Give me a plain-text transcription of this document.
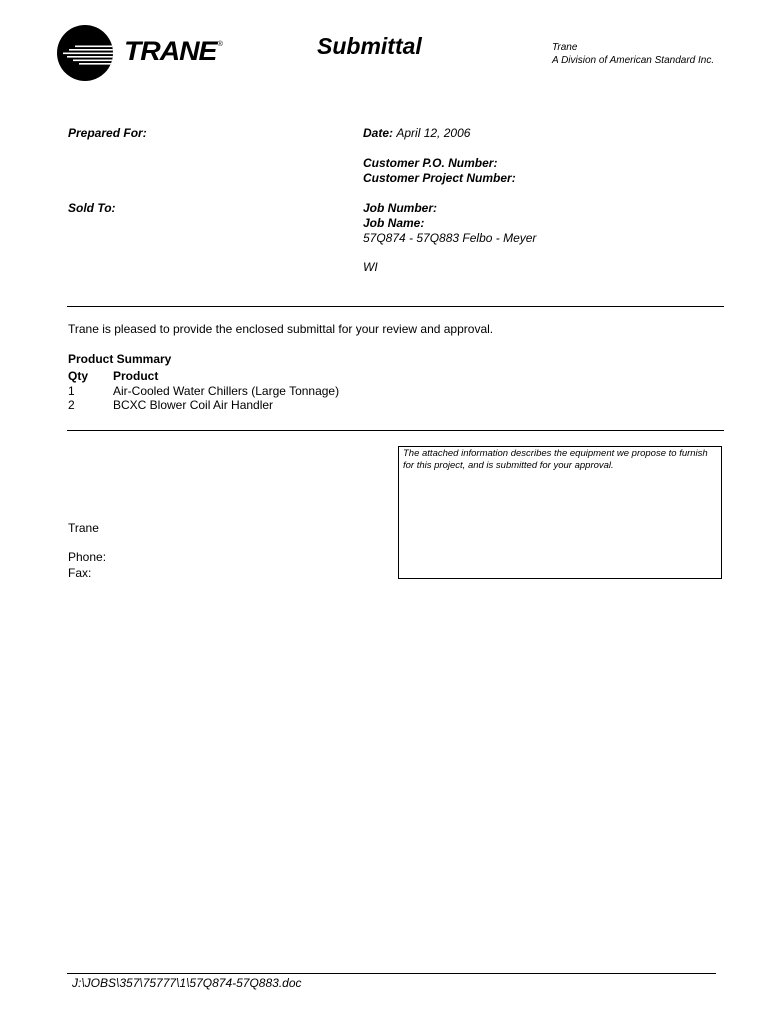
TRANE®	Submittal	Trane
A Division of American Standard Inc.
Prepared For:
Sold To:
Date: April 12, 2006
Customer P.O. Number:
Customer Project Number:
Job Number:
Job Name:
57Q874 - 57Q883 Felbo - Meyer
WI
Trane is pleased to provide the enclosed submittal for your review and approval.
Product Summary
Qty	Product
1	Air-Cooled Water Chillers (Large Tonnage)
2	BCXC Blower Coil Air Handler
The attached information describes the equipment we propose to furnish for this project, and is submitted for your approval.
Trane
Phone:
Fax:
J:\JOBS\357\75777\1\57Q874-57Q883.doc
